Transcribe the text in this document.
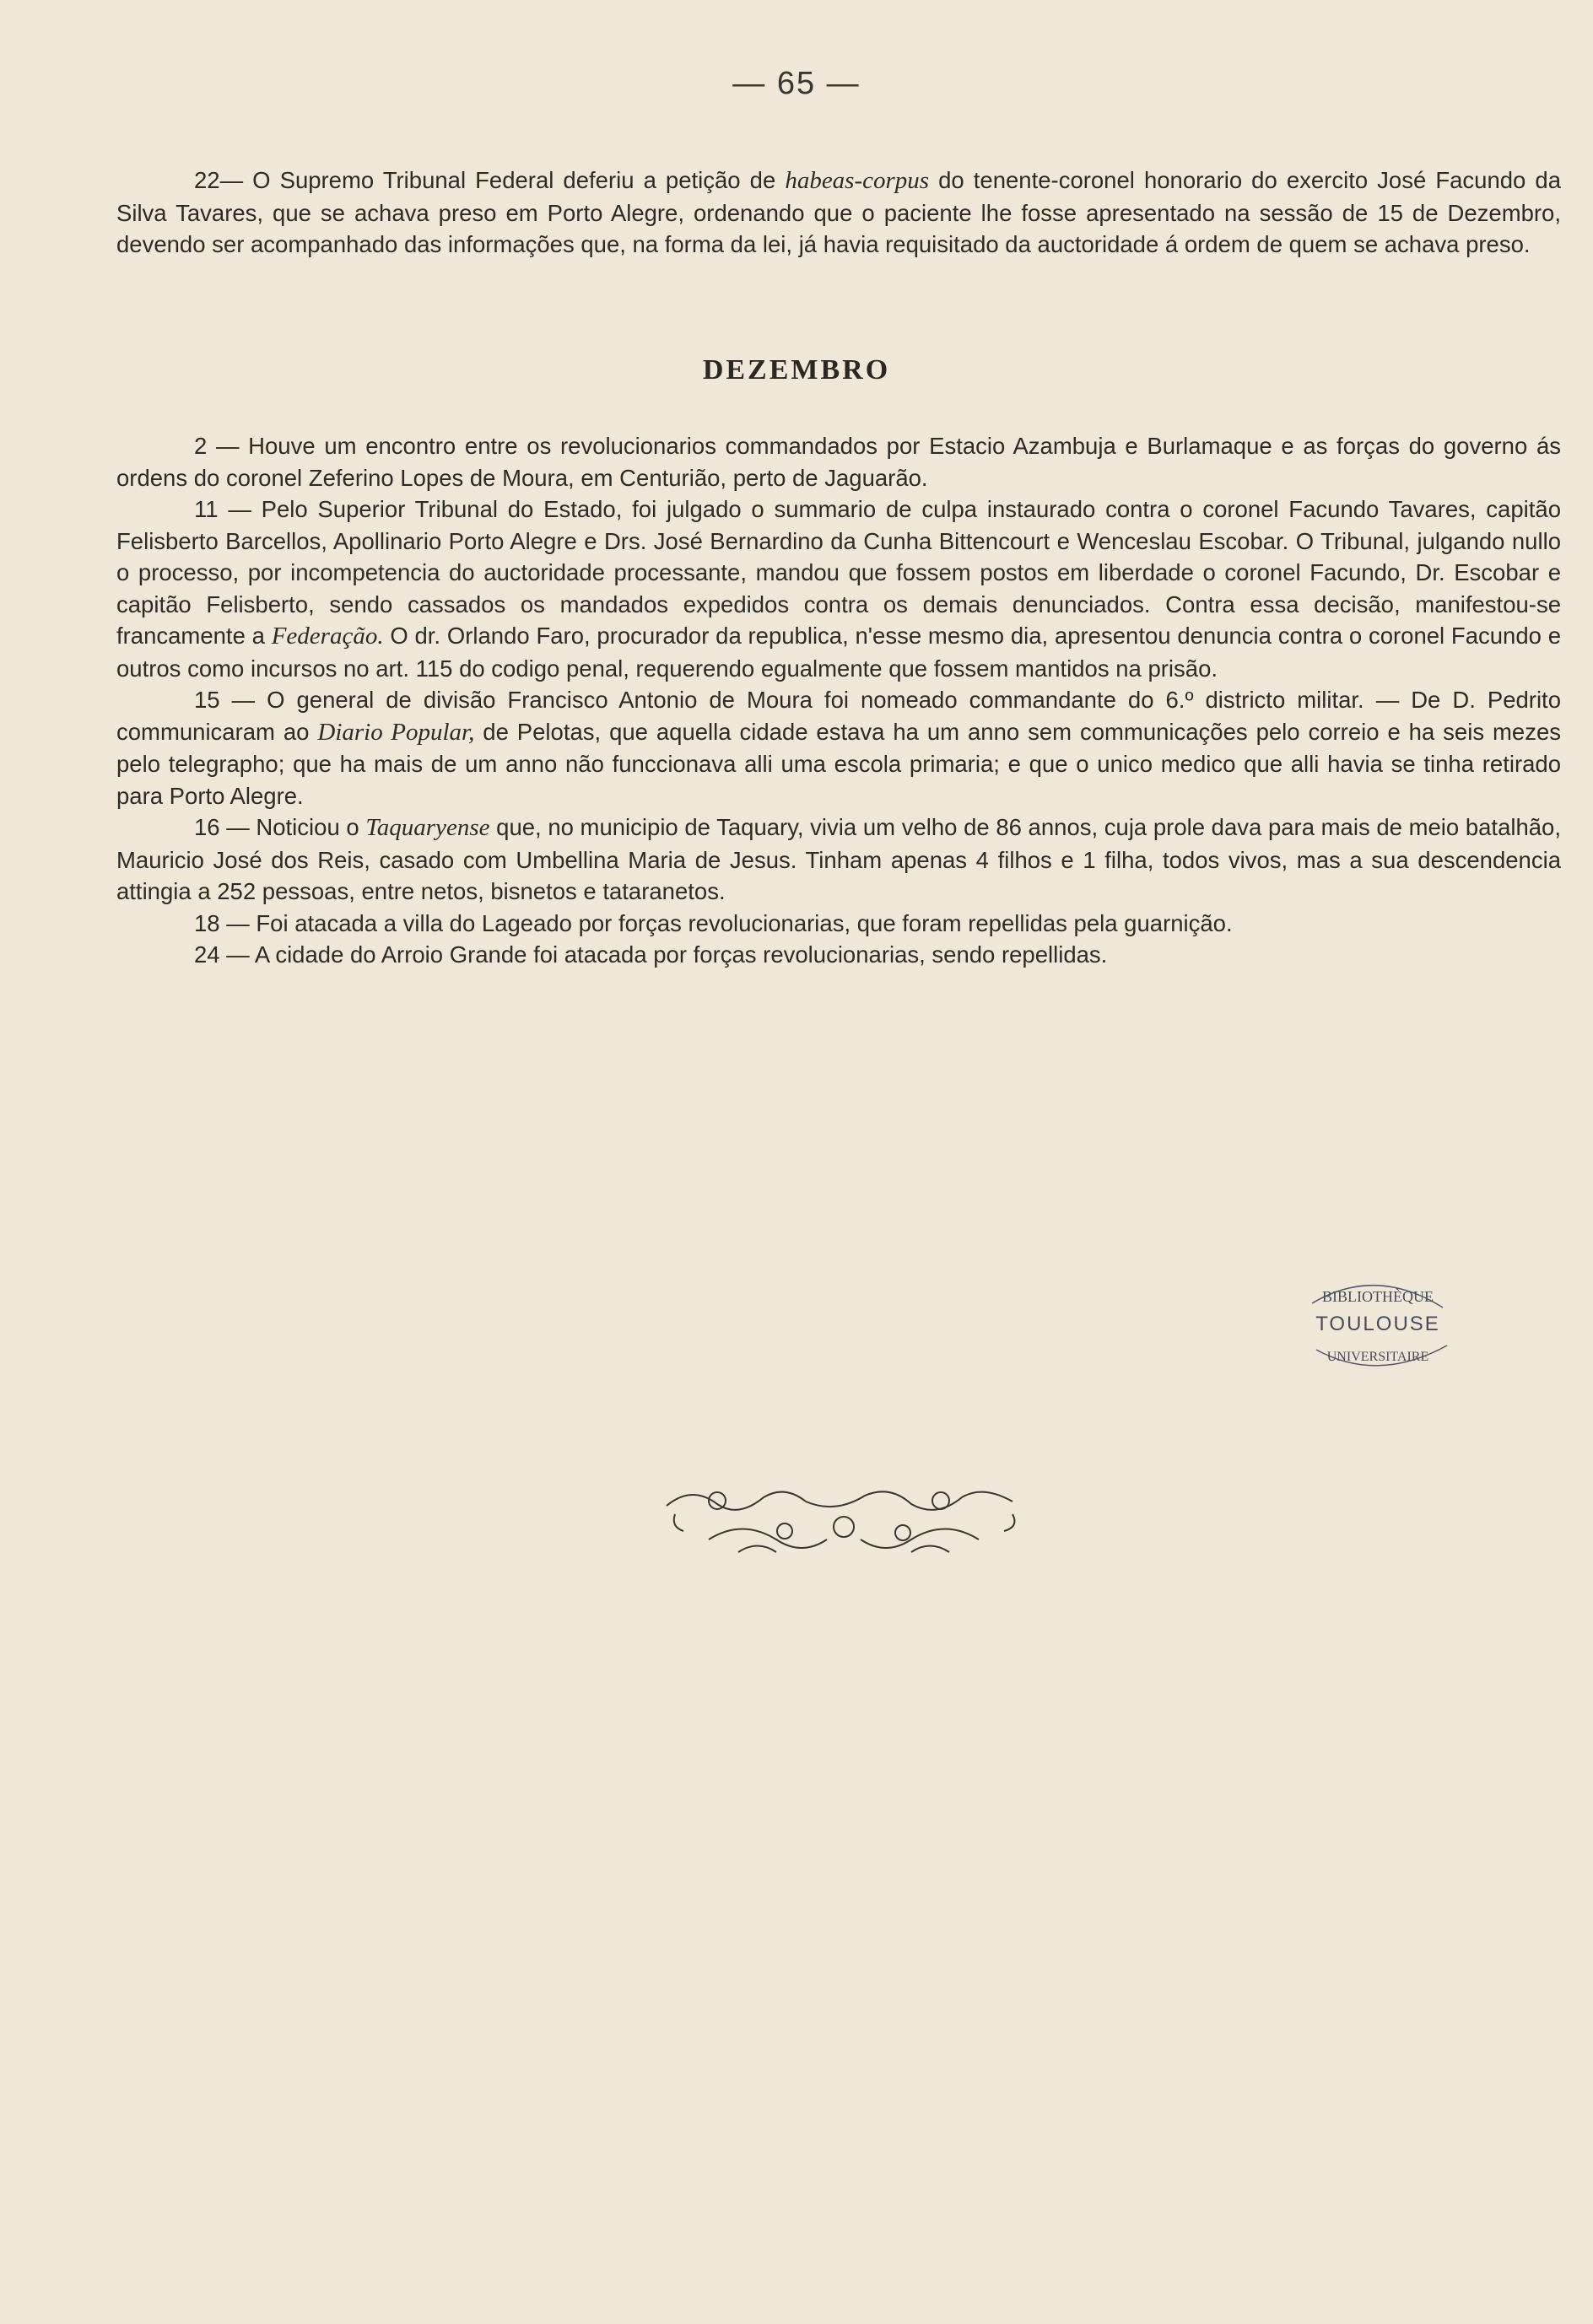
— 65 —

22— O Supremo Tribunal Federal deferiu a petição de habeas-corpus do tenente-coronel honorario do exercito José Facundo da Silva Tavares, que se achava preso em Porto Alegre, ordenando que o paciente lhe fosse apresentado na sessão de 15 de Dezembro, devendo ser acompanhado das informações que, na forma da lei, já havia requisitado da auctoridade á ordem de quem se achava preso.

DEZEMBRO

2 — Houve um encontro entre os revolucionarios commandados por Estacio Azambuja e Burlamaque e as forças do governo ás ordens do coronel Zeferino Lopes de Moura, em Centurião, perto de Jaguarão.

11 — Pelo Superior Tribunal do Estado, foi julgado o summario de culpa instaurado contra o coronel Facundo Tavares, capitão Felisberto Barcellos, Apollinario Porto Alegre e Drs. José Bernardino da Cunha Bittencourt e Wenceslau Escobar. O Tribunal, julgando nullo o processo, por incompetencia do auctoridade processante, mandou que fossem postos em liberdade o coronel Facundo, Dr. Escobar e capitão Felisberto, sendo cassados os mandados expedidos contra os demais denunciados. Contra essa decisão, manifestou-se francamente a Federação. O dr. Orlando Faro, procurador da republica, n'esse mesmo dia, apresentou denuncia contra o coronel Facundo e outros como incursos no art. 115 do codigo penal, requerendo egualmente que fossem mantidos na prisão.

15 — O general de divisão Francisco Antonio de Moura foi nomeado commandante do 6.º districto militar. — De D. Pedrito communicaram ao Diario Popular, de Pelotas, que aquella cidade estava ha um anno sem communicações pelo correio e ha seis mezes pelo telegrapho; que ha mais de um anno não funccionava alli uma escola primaria; e que o unico medico que alli havia se tinha retirado para Porto Alegre.

16 — Noticiou o Taquaryense que, no municipio de Taquary, vivia um velho de 86 annos, cuja prole dava para mais de meio batalhão, Mauricio José dos Reis, casado com Umbellina Maria de Jesus. Tinham apenas 4 filhos e 1 filha, todos vivos, mas a sua descendencia attingia a 252 pessoas, entre netos, bisnetos e tataranetos.

18 — Foi atacada a villa do Lageado por forças revolucionarias, que foram repellidas pela guarnição.

24 — A cidade do Arroio Grande foi atacada por forças revolucionarias, sendo repellidas.

BIBLIOTHÈQUE
TOULOUSE
UNIVERSITAIRE
